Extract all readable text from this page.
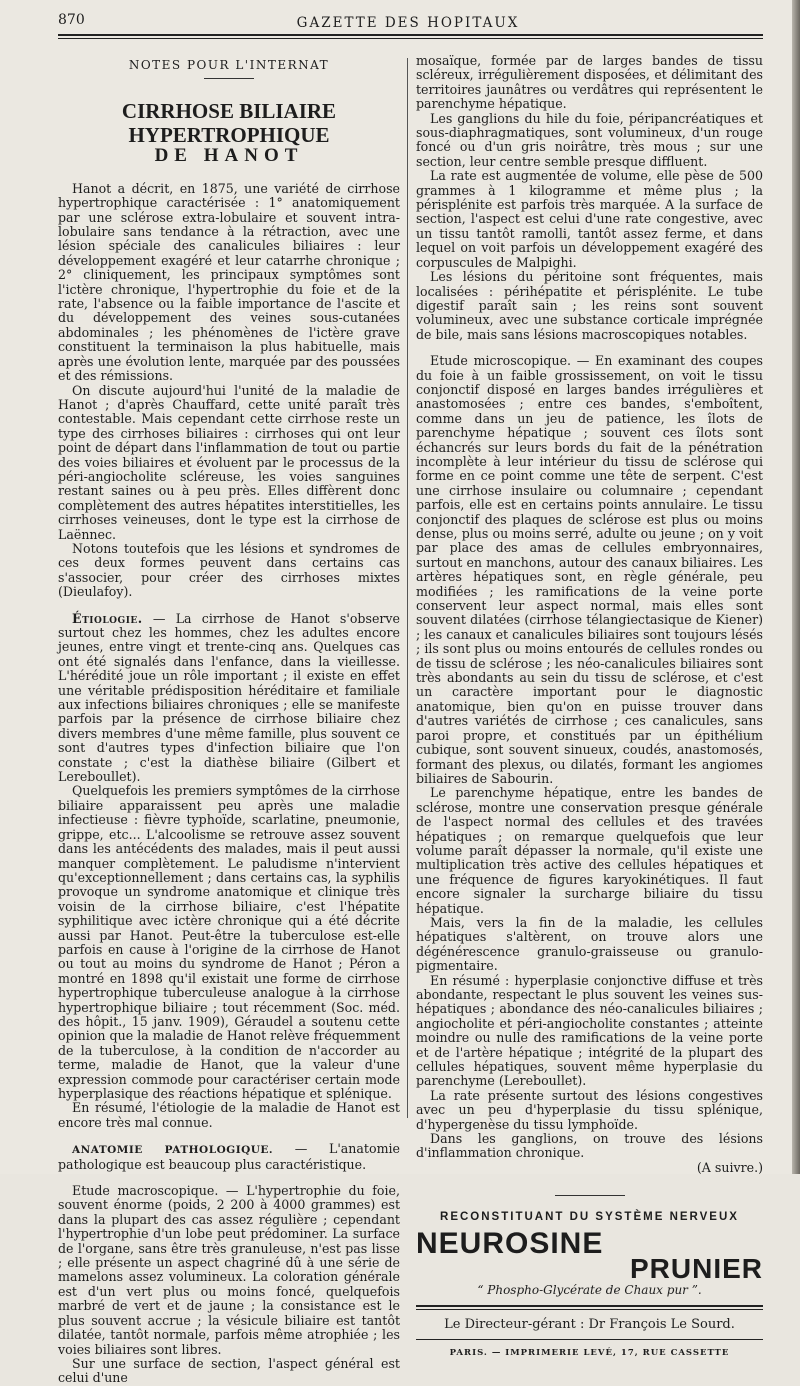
870	GAZETTE DES HOPITAUX
NOTES POUR L'INTERNAT
CIRRHOSE BILIAIRE HYPERTROPHIQUE
DE HANOT

Hanot a décrit, en 1875, une variété de cirrhose hypertrophique caractérisée : 1° anatomiquement par une sclérose extra-lobulaire et souvent intra-lobulaire sans tendance à la rétraction, avec une lésion spéciale des canalicules biliaires : leur développement exagéré et leur catarrhe chronique ; 2° cliniquement, les principaux symptômes sont l'ictère chronique, l'hypertrophie du foie et de la rate, l'absence ou la faible importance de l'ascite et du développement des veines sous-cutanées abdominales ; les phénomènes de l'ictère grave constituent la terminaison la plus habituelle, mais après une évolution lente, marquée par des poussées et des rémissions.

On discute aujourd'hui l'unité de la maladie de Hanot ; d'après Chauffard, cette unité paraît très contestable. Mais cependant cette cirrhose reste un type des cirrhoses biliaires : cirrhoses qui ont leur point de départ dans l'inflammation de tout ou partie des voies biliaires et évoluent par le processus de la péri-angiocholite scléreuse, les voies sanguines restant saines ou à peu près. Elles diffèrent donc complètement des autres hépatites interstitielles, les cirrhoses veineuses, dont le type est la cirrhose de Laënnec.

Notons toutefois que les lésions et syndromes de ces deux formes peuvent dans certains cas s'associer, pour créer des cirrhoses mixtes (Dieulafoy).

Étiologie. — La cirrhose de Hanot s'observe surtout chez les hommes, chez les adultes encore jeunes, entre vingt et trente-cinq ans. Quelques cas ont été signalés dans l'enfance, dans la vieillesse. L'hérédité joue un rôle important ; il existe en effet une véritable prédisposition héréditaire et familiale aux infections biliaires chroniques ; elle se manifeste parfois par la présence de cirrhose biliaire chez divers membres d'une même famille, plus souvent ce sont d'autres types d'infection biliaire que l'on constate ; c'est la diathèse biliaire (Gilbert et Lereboullet).

Quelquefois les premiers symptômes de la cirrhose biliaire apparaissent peu après une maladie infectieuse : fièvre typhoïde, scarlatine, pneumonie, grippe, etc... L'alcoolisme se retrouve assez souvent dans les antécédents des malades, mais il peut aussi manquer complètement. Le paludisme n'intervient qu'exceptionnellement ; dans certains cas, la syphilis provoque un syndrome anatomique et clinique très voisin de la cirrhose biliaire, c'est l'hépatite syphilitique avec ictère chronique qui a été décrite aussi par Hanot. Peut-être la tuberculose est-elle parfois en cause à l'origine de la cirrhose de Hanot ou tout au moins du syndrome de Hanot ; Péron a montré en 1898 qu'il existait une forme de cirrhose hypertrophique tuberculeuse analogue à la cirrhose hypertrophique biliaire ; tout récemment (Soc. méd. des hôpit., 15 janv. 1909), Géraudel a soutenu cette opinion que la maladie de Hanot relève fréquemment de la tuberculose, à la condition de n'accorder au terme, maladie de Hanot, que la valeur d'une expression commode pour caractériser certain mode hyperplasique des réactions hépatique et splénique.

En résumé, l'étiologie de la maladie de Hanot est encore très mal connue.

ANATOMIE PATHOLOGIQUE. — L'anatomie pathologique est beaucoup plus caractéristique.

Etude macroscopique. — L'hypertrophie du foie, souvent énorme (poids, 2 200 à 4000 grammes) est dans la plupart des cas assez régulière ; cependant l'hypertrophie d'un lobe peut prédominer. La surface de l'organe, sans être très granuleuse, n'est pas lisse ; elle présente un aspect chagriné dû à une série de mamelons assez volumineux. La coloration générale est d'un vert plus ou moins foncé, quelquefois marbré de vert et de jaune ; la consistance est le plus souvent accrue ; la vésicule biliaire est tantôt dilatée, tantôt normale, parfois même atrophiée ; les voies biliaires sont libres.

Sur une surface de section, l'aspect général est celui d'une

mosaïque, formée par de larges bandes de tissu scléreux, irrégulièrement disposées, et délimitant des territoires jaunâtres ou verdâtres qui représentent le parenchyme hépatique.

Les ganglions du hile du foie, péripancréatiques et sous-diaphragmatiques, sont volumineux, d'un rouge foncé ou d'un gris noirâtre, très mous ; sur une section, leur centre semble presque diffluent.

La rate est augmentée de volume, elle pèse de 500 grammes à 1 kilogramme et même plus ; la périsplénite est parfois très marquée. A la surface de section, l'aspect est celui d'une rate congestive, avec un tissu tantôt ramolli, tantôt assez ferme, et dans lequel on voit parfois un développement exagéré des corpuscules de Malpighi.

Les lésions du péritoine sont fréquentes, mais localisées : périhépatite et périsplénite. Le tube digestif paraît sain ; les reins sont souvent volumineux, avec une substance corticale imprégnée de bile, mais sans lésions macroscopiques notables.

Etude microscopique. — En examinant des coupes du foie à un faible grossissement, on voit le tissu conjonctif disposé en larges bandes irrégulières et anastomosées ; entre ces bandes, s'emboîtent, comme dans un jeu de patience, les îlots de parenchyme hépatique ; souvent ces îlots sont échancrés sur leurs bords du fait de la pénétration incomplète à leur intérieur du tissu de sclérose qui forme en ce point comme une tête de serpent. C'est une cirrhose insulaire ou columnaire ; cependant parfois, elle est en certains points annulaire. Le tissu conjonctif des plaques de sclérose est plus ou moins dense, plus ou moins serré, adulte ou jeune ; on y voit par place des amas de cellules embryonnaires, surtout en manchons, autour des canaux biliaires. Les artères hépatiques sont, en règle générale, peu modifiées ; les ramifications de la veine porte conservent leur aspect normal, mais elles sont souvent dilatées (cirrhose télangiectasique de Kiener) ; les canaux et canalicules biliaires sont toujours lésés ; ils sont plus ou moins entourés de cellules rondes ou de tissu de sclérose ; les néo-canalicules biliaires sont très abondants au sein du tissu de sclérose, et c'est un caractère important pour le diagnostic anatomique, bien qu'on en puisse trouver dans d'autres variétés de cirrhose ; ces canalicules, sans paroi propre, et constitués par un épithélium cubique, sont souvent sinueux, coudés, anastomosés, formant des plexus, ou dilatés, formant les angiomes biliaires de Sabourin.

Le parenchyme hépatique, entre les bandes de sclérose, montre une conservation presque générale de l'aspect normal des cellules et des travées hépatiques ; on remarque quelquefois que leur volume paraît dépasser la normale, qu'il existe une multiplication très active des cellules hépatiques et une fréquence de figures karyokinétiques. Il faut encore signaler la surcharge biliaire du tissu hépatique.

Mais, vers la fin de la maladie, les cellules hépatiques s'altèrent, on trouve alors une dégénérescence granulo-graisseuse ou granulo-pigmentaire.

En résumé : hyperplasie conjonctive diffuse et très abondante, respectant le plus souvent les veines sus-hépatiques ; abondance des néo-canalicules biliaires ; angiocholite et péri-angiocholite constantes ; atteinte moindre ou nulle des ramifications de la veine porte et de l'artère hépatique ; intégrité de la plupart des cellules hépatiques, souvent même hyperplasie du parenchyme (Lereboullet).

La rate présente surtout des lésions congestives avec un peu d'hyperplasie du tissu splénique, d'hypergenèse du tissu lymphoïde.

Dans les ganglions, on trouve des lésions d'inflammation chronique.

(A suivre.)
RECONSTITUANT DU SYSTÈME NERVEUX
NEUROSINE
PRUNIER
“ Phospho-Glycérate de Chaux pur ”.
Le Directeur-gérant : Dr François Le Sourd.
PARIS. — IMPRIMERIE LEVÉ, 17, RUE CASSETTE
